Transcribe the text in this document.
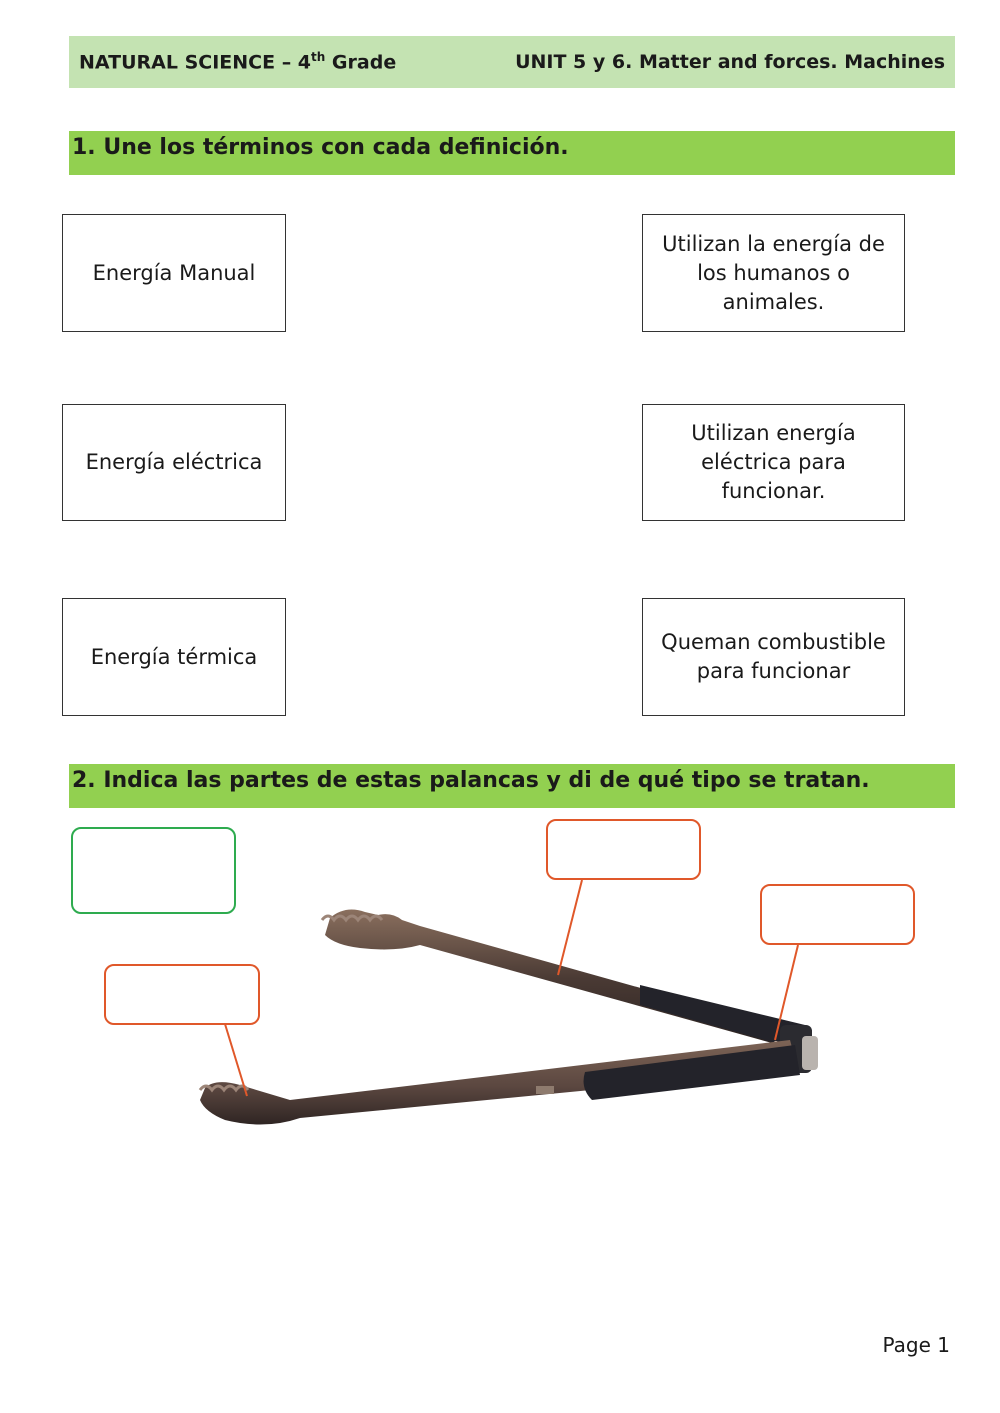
NATURAL SCIENCE – 4th Grade	UNIT 5 y 6. Matter and forces. Machines
1. Une los términos con cada definición.
Energía Manual
Utilizan la energía de los humanos o animales.
Energía eléctrica
Utilizan energía eléctrica para funcionar.
Energía térmica
Queman combustible para funcionar
2. Indica las partes de estas palancas y di de qué tipo se tratan.
Page 1
